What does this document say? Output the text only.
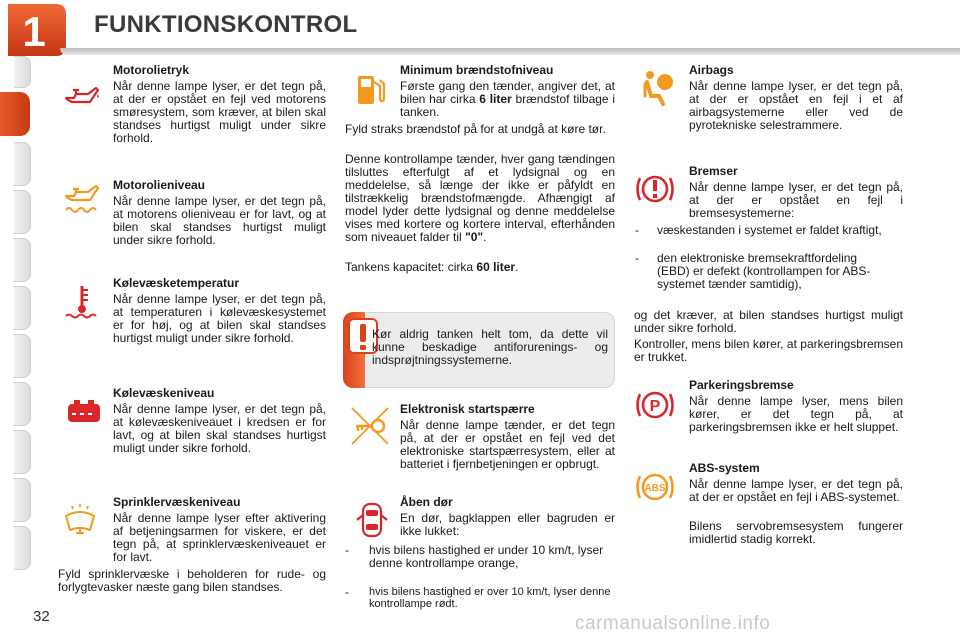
1 FUNKTIONSKONTROL
Motorolietryk
Når denne lampe lyser, er det tegn på, at der er opstået en fejl ved motorens smøresystem, som kræver, at bilen skal standses hurtigst muligt under sikre forhold.
Motorolieniveau
Når denne lampe lyser, er det tegn på, at motorens olieniveau er for lavt, og at bilen skal standses hurtigst muligt under sikre forhold.
Kølevæsketemperatur
Når denne lampe lyser, er det tegn på, at temperaturen i kølevæskesystemet er for høj, og at bilen skal standses hurtigst muligt under sikre forhold.
Kølevæskeniveau
Når denne lampe lyser, er det tegn på, at kølevæskeniveauet i kredsen er for lavt, og at bilen skal standses hurtigst muligt under sikre forhold.
Sprinklervæskeniveau
Når denne lampe lyser efter aktivering af betjeningsarmen for viskere, er det tegn på, at sprinklervæskeniveauet er for lavt.
Fyld sprinklervæske i beholderen for rude- og forlygtevasker næste gang bilen standses.
Minimum brændstofniveau
Første gang den tænder, angiver det, at bilen har cirka 6 liter brændstof tilbage i tanken.
Fyld straks brændstof på for at undgå at køre tør.
Denne kontrollampe tænder, hver gang tændingen tilsluttes efterfulgt af et lydsignal og en meddelelse, så længe der ikke er påfyldt en tilstrækkelig brændstofmængde. Afhængigt af model lyder dette lydsignal og denne meddelelse vises med kortere og kortere interval, efterhånden som niveauet falder til "0".
Tankens kapacitet: cirka 60 liter.
Kør aldrig tanken helt tom, da dette vil kunne beskadige antiforurenings- og indsprøjtningssystemerne.
Elektronisk startspærre
Når denne lampe tænder, er det tegn på, at der er opstået en fejl ved det elektroniske startspærresystem, eller at batteriet i fjernbetjeningen er opbrugt.
Åben dør
En dør, bagklappen eller bagruden er ikke lukket:
- hvis bilens hastighed er under 10 km/t, lyser denne kontrollampe orange,
- hvis bilens hastighed er over 10 km/t, lyser denne kontrollampe rødt.
Airbags
Når denne lampe lyser, er det tegn på, at der er opstået en fejl i et af airbagsystemerne eller ved de pyrotekniske selestrammere.
Bremser
Når denne lampe lyser, er det tegn på, at der er opstået en fejl i bremsesystemerne:
- væskestanden i systemet er faldet kraftigt,
- den elektroniske bremsekraftfordeling (EBD) er defekt (kontrollampen for ABS-systemet tænder samtidig),
og det kræver, at bilen standses hurtigst muligt under sikre forhold.
Kontroller, mens bilen kører, at parkeringsbremsen er trukket.
P
Parkeringsbremse
Når denne lampe lyser, mens bilen kører, er det tegn på, at parkeringsbremsen ikke er helt sluppet.
ABS
ABS-system
Når denne lampe lyser, er det tegn på, at der er opstået en fejl i ABS-systemet.
Bilens servobremsesystem fungerer imidlertid stadig korrekt.
32	carmanualsonline.info
